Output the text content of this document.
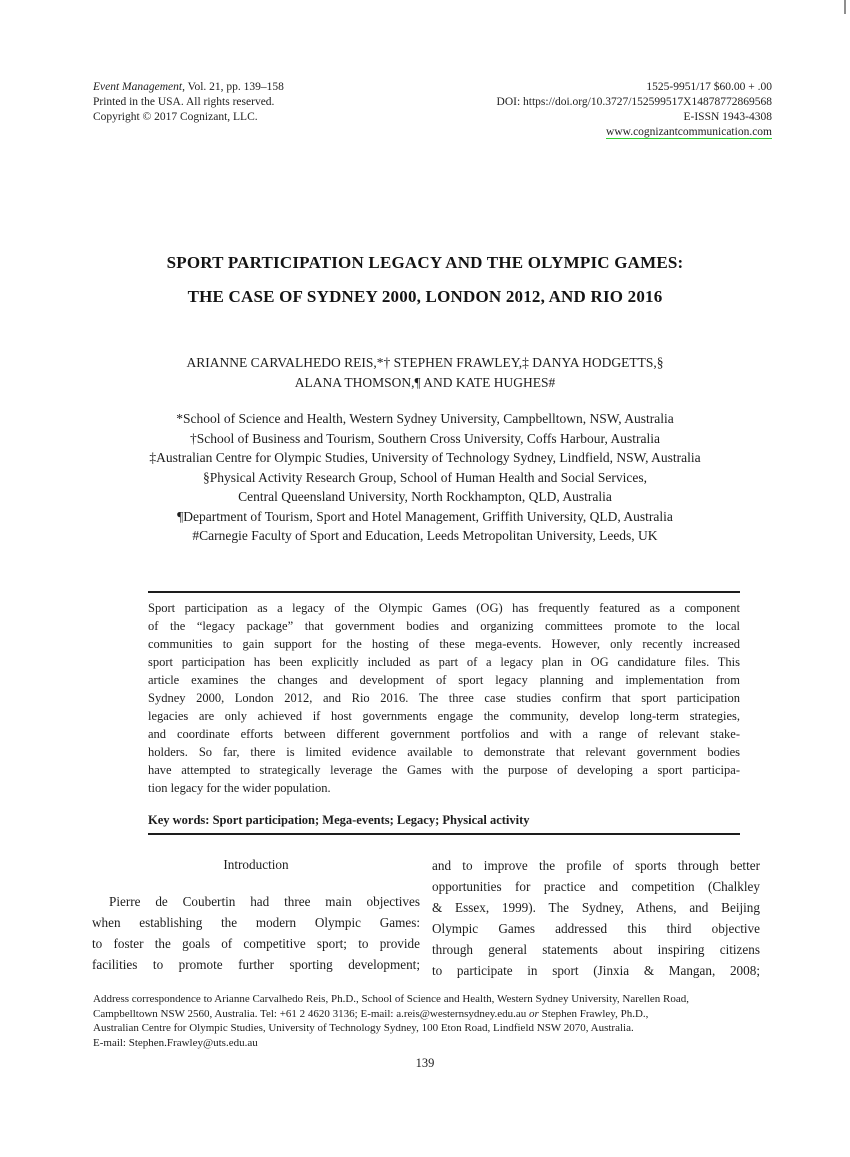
Event Management, Vol. 21, pp. 139–158
Printed in the USA. All rights reserved.
Copyright © 2017 Cognizant, LLC.
1525-9951/17 $60.00 + .00
DOI: https://doi.org/10.3727/152599517X14878772869568
E-ISSN 1943-4308
www.cognizantcommunication.com
SPORT PARTICIPATION LEGACY AND THE OLYMPIC GAMES:
THE CASE OF SYDNEY 2000, LONDON 2012, AND RIO 2016
ARIANNE CARVALHEDO REIS,*† STEPHEN FRAWLEY,‡ DANYA HODGETTS,§
ALANA THOMSON,¶ AND KATE HUGHES#
*School of Science and Health, Western Sydney University, Campbelltown, NSW, Australia
†School of Business and Tourism, Southern Cross University, Coffs Harbour, Australia
‡Australian Centre for Olympic Studies, University of Technology Sydney, Lindfield, NSW, Australia
§Physical Activity Research Group, School of Human Health and Social Services,
Central Queensland University, North Rockhampton, QLD, Australia
¶Department of Tourism, Sport and Hotel Management, Griffith University, QLD, Australia
#Carnegie Faculty of Sport and Education, Leeds Metropolitan University, Leeds, UK
Sport participation as a legacy of the Olympic Games (OG) has frequently featured as a component
of the “legacy package” that government bodies and organizing committees promote to the local
communities to gain support for the hosting of these mega-events. However, only recently increased
sport participation has been explicitly included as part of a legacy plan in OG candidature files. This
article examines the changes and development of sport legacy planning and implementation from
Sydney 2000, London 2012, and Rio 2016. The three case studies confirm that sport participation
legacies are only achieved if host governments engage the community, develop long-term strategies,
and coordinate efforts between different government portfolios and with a range of relevant stake-
holders. So far, there is limited evidence available to demonstrate that relevant government bodies
have attempted to strategically leverage the Games with the purpose of developing a sport participa-
tion legacy for the wider population.
Key words: Sport participation; Mega-events; Legacy; Physical activity
Introduction
Pierre de Coubertin had three main objectives
when establishing the modern Olympic Games:
to foster the goals of competitive sport; to provide
facilities to promote further sporting development;
and to improve the profile of sports through better
opportunities for practice and competition (Chalkley
& Essex, 1999). The Sydney, Athens, and Beijing
Olympic Games addressed this third objective
through general statements about inspiring citizens
to participate in sport (Jinxia & Mangan, 2008;
Address correspondence to Arianne Carvalhedo Reis, Ph.D., School of Science and Health, Western Sydney University, Narellen Road,
Campbelltown NSW 2560, Australia. Tel: +61 2 4620 3136; E-mail: a.reis@westernsydney.edu.au or Stephen Frawley, Ph.D.,
Australian Centre for Olympic Studies, University of Technology Sydney, 100 Eton Road, Lindfield NSW 2070, Australia.
E-mail: Stephen.Frawley@uts.edu.au
139
